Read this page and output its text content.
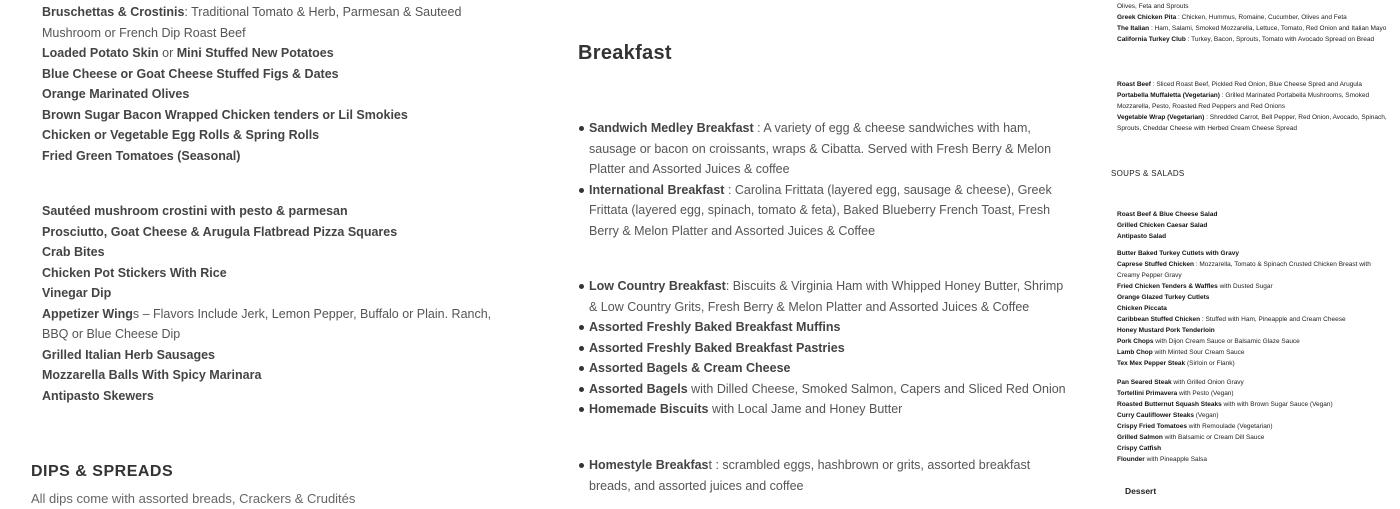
Bruschettas & Crostinis: Traditional Tomato & Herb, Parmesan & Sauteed Mushroom or French Dip Roast Beef

Loaded Potato Skin or Mini Stuffed New Potatoes

Blue Cheese or Goat Cheese Stuffed Figs & Dates

Orange Marinated Olives

Brown Sugar Bacon Wrapped Chicken tenders or Lil Smokies

Chicken or Vegetable Egg Rolls & Spring Rolls

Fried Green Tomatoes (Seasonal)

Sautéed mushroom crostini with pesto & parmesan

Prosciutto, Goat Cheese & Arugula Flatbread Pizza Squares

Crab Bites

Chicken Pot Stickers With Rice

Vinegar Dip

Appetizer Wings – Flavors Include Jerk, Lemon Pepper, Buffalo or Plain. Ranch, BBQ or Blue Cheese Dip

Grilled Italian Herb Sausages

Mozzarella Balls With Spicy Marinara

Antipasto Skewers

DIPS & SPREADS

All dips come with assorted breads, Crackers & Crudités

Breakfast

Sandwich Medley Breakfast : A variety of egg & cheese sandwiches with ham, sausage or bacon on croissants, wraps & Cibatta. Served with Fresh Berry & Melon Platter and Assorted Juices & coffee

International Breakfast : Carolina Frittata (layered egg, sausage & cheese), Greek Frittata (layered egg, spinach, tomato & feta), Baked Blueberry French Toast, Fresh Berry & Melon Platter and Assorted Juices & Coffee

Low Country Breakfast: Biscuits & Virginia Ham with Whipped Honey Butter, Shrimp & Low Country Grits, Fresh Berry & Melon Platter and Assorted Juices & Coffee

Assorted Freshly Baked Breakfast Muffins

Assorted Freshly Baked Breakfast Pastries

Assorted Bagels & Cream Cheese

Assorted Bagels with Dilled Cheese, Smoked Salmon, Capers and Sliced Red Onion

Homemade Biscuits with Local Jame and Honey Butter

Homestyle Breakfast : scrambled eggs, hashbrown or grits, assorted breakfast breads, and assorted juices and coffee

Olives, Feta and Sprouts

Greek Chicken Pita : Chicken, Hummus, Romaine, Cucumber, Olives and Feta

The Italian : Ham, Salami, Smoked Mozzarella, Lettuce, Tomato, Red Onion and Italian Mayo

California Turkey Club : Turkey, Bacon, Sprouts, Tomato with Avocado Spread on Bread

Roast Beef : Sliced Roast Beef, Pickled Red Onion, Blue Cheese Spred and Arugula

Portabella Muffaletta (Vegetarian) : Grilled Marinated Portabella Mushrooms, Smoked Mozzarella, Pesto, Roasted Red Peppers and Red Onions

Vegetable Wrap (Vegetarian) : Shredded Carrot, Bell Pepper, Red Onion, Avocado, Spinach, Sprouts, Cheddar Cheese with Herbed Cream Cheese Spread

SOUPS & SALADS

Roast Beef & Blue Cheese Salad

Grilled Chicken Caesar Salad

Antipasto Salad

Butter Baked Turkey Cutlets with Gravy

Caprese Stuffed Chicken : Mozzarella, Tomato & Spinach Crusted Chicken Breast with Creamy Pepper Gravy

Fried Chicken Tenders & Waffles with Dusted Sugar

Orange Glazed Turkey Cutlets

Chicken Piccata

Caribbean Stuffed Chicken : Stuffed with Ham, Pineapple and Cream Cheese

Honey Mustard Pork Tenderloin

Pork Chops with Dijon Cream Sauce or Balsamic Glaze Sauce

Lamb Chop with Minted Sour Cream Sauce

Tex Mex Pepper Steak (Sirloin or Flank)

Pan Seared Steak with Grilled Onion Gravy

Tortellini Primavera with Pesto (Vegan)

Roasted Butternut Squash Steaks with with Brown Sugar Sauce (Vegan)

Curry Cauliflower Steaks (Vegan)

Crispy Fried Tomatoes with Remoulade (Vegetarian)

Grilled Salmon with Balsamic or Cream Dill Sauce

Crispy Catfish

Flounder with Pineapple Salsa

Dessert
